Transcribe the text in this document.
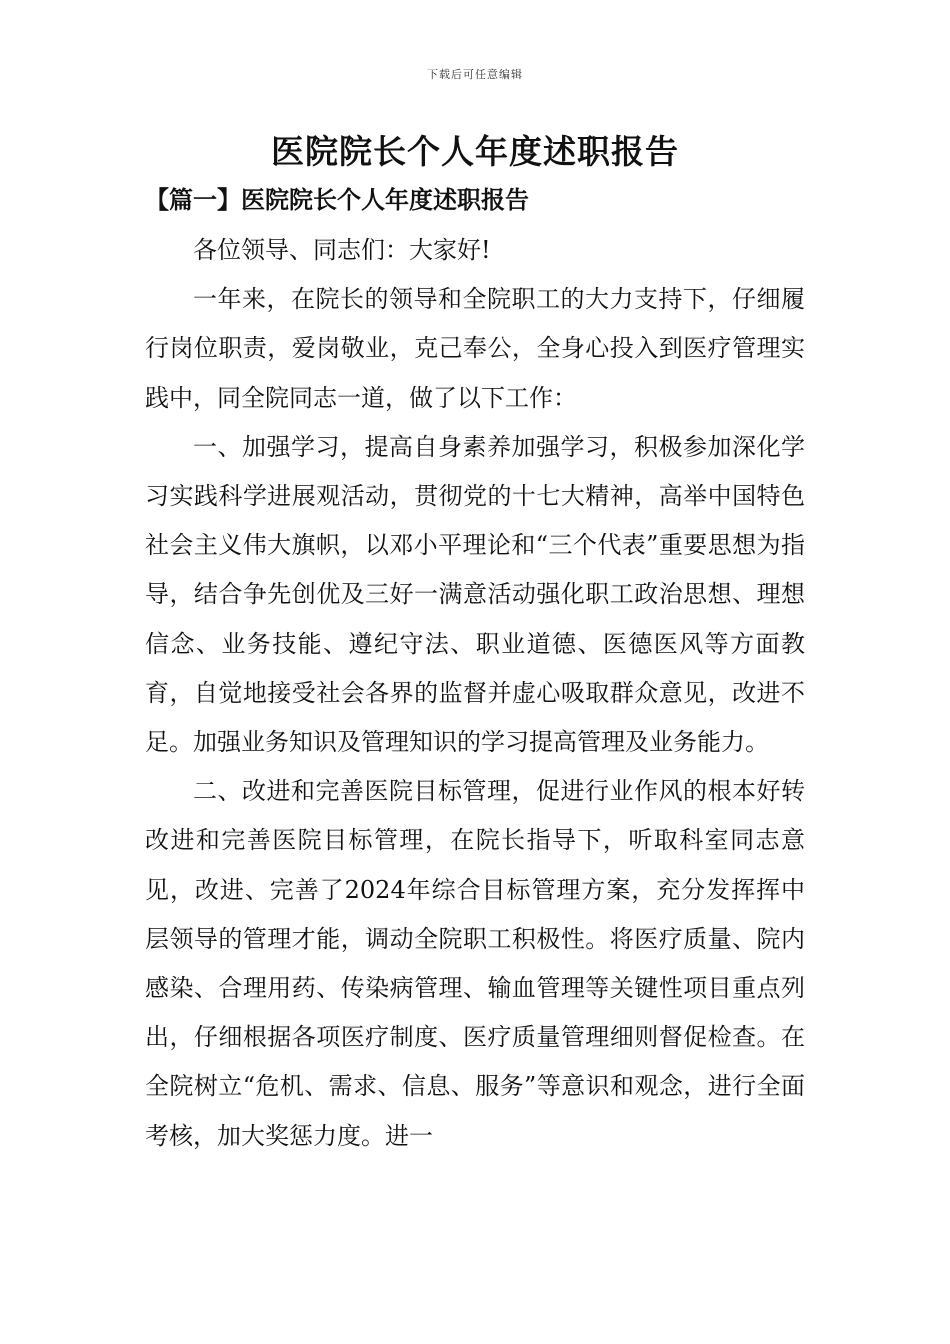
下载后可任意编辑
医院院长个人年度述职报告
【篇一】医院院长个人年度述职报告

各位领导、同志们：大家好!

一年来，在院长的领导和全院职工的大力支持下，仔细履行岗位职责，爱岗敬业，克己奉公，全身心投入到医疗管理实践中，同全院同志一道，做了以下工作：

一、加强学习，提高自身素养加强学习，积极参加深化学习实践科学进展观活动，贯彻党的十七大精神，高举中国特色社会主义伟大旗帜，以邓小平理论和“三个代表”重要思想为指导，结合争先创优及三好一满意活动强化职工政治思想、理想信念、业务技能、遵纪守法、职业道德、医德医风等方面教育，自觉地接受社会各界的监督并虚心吸取群众意见，改进不足。加强业务知识及管理知识的学习提高管理及业务能力。

二、改进和完善医院目标管理，促进行业作风的根本好转改进和完善医院目标管理，在院长指导下，听取科室同志意见，改进、完善了2024年综合目标管理方案，充分发挥挥中层领导的管理才能，调动全院职工积极性。将医疗质量、院内感染、合理用药、传染病管理、输血管理等关键性项目重点列出，仔细根据各项医疗制度、医疗质量管理细则督促检查。在全院树立“危机、需求、信息、服务”等意识和观念，进行全面考核，加大奖惩力度。进一
